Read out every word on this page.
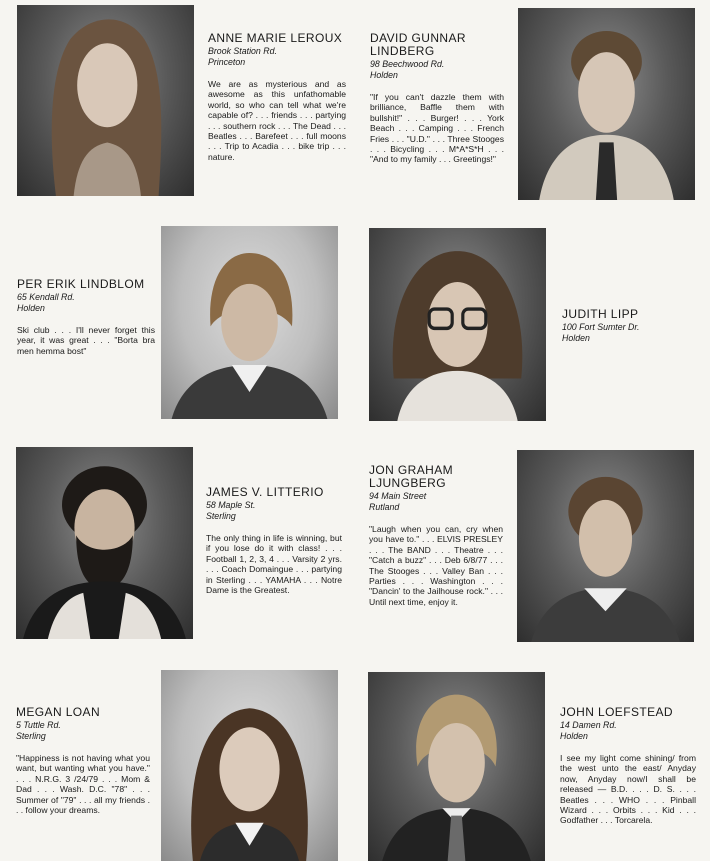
ANNE MARIE LEROUX

Brook Station Rd.

Princeton

We are as mysterious and as awesome as this unfathomable world, so who can tell what we're capable of? . . . friends . . . partying . . . southern rock . . . The Dead . . . Beatles . . . Barefeet . . . full moons . . . Trip to Acadia . . . bike trip . . . nature.

DAVID GUNNAR LINDBERG

98 Beechwood Rd.

Holden

"If you can't dazzle them with brilliance, Baffle them with bullshit!" . . . Burger! . . . York Beach . . . Camping . . . French Fries . . . "U.D." . . . Three Stooges . . . Bicycling . . . M*A*S*H . . . "And to my family . . . Greetings!"

PER ERIK LINDBLOM

65 Kendall Rd.

Holden

Ski club . . . I'll never forget this year, it was great . . . "Borta bra men hemma bost"

JUDITH LIPP

100 Fort Sumter Dr.

Holden

JAMES V. LITTERIO

58 Maple St.

Sterling

The only thing in life is winning, but if you lose do it with class! . . . Football 1, 2, 3, 4 . . . Varsity 2 yrs. . . . Coach Domaingue . . . partying in Sterling . . . YAMAHA . . . Notre Dame is the Greatest.

JON GRAHAM LJUNGBERG

94 Main Street

Rutland

"Laugh when you can, cry when you have to." . . . ELVIS PRESLEY . . . The BAND . . . Theatre . . . "Catch a buzz" . . . Deb 6/8/77 . . . The Stooges . . . Valley Ban . . . Parties . . . Washington . . . "Dancin' to the Jailhouse rock." . . . Until next time, enjoy it.

MEGAN LOAN

5 Tuttle Rd.

Sterling

"Happiness is not having what you want, but wanting what you have." . . . N.R.G. 3 /24/79 . . . Mom & Dad . . . Wash. D.C. "78" . . . Summer of "79" . . . all my friends . . . follow your dreams.

JOHN LOEFSTEAD

14 Damen Rd.

Holden

I see my light come shining/ from the west unto the east/ Anyday now, Anyday now/I shall be released — B.D. . . . D. S. . . . Beatles . . . WHO . . . Pinball Wizard . . . Orbits . . . Kid . . . Godfather . . . Torcarela.
